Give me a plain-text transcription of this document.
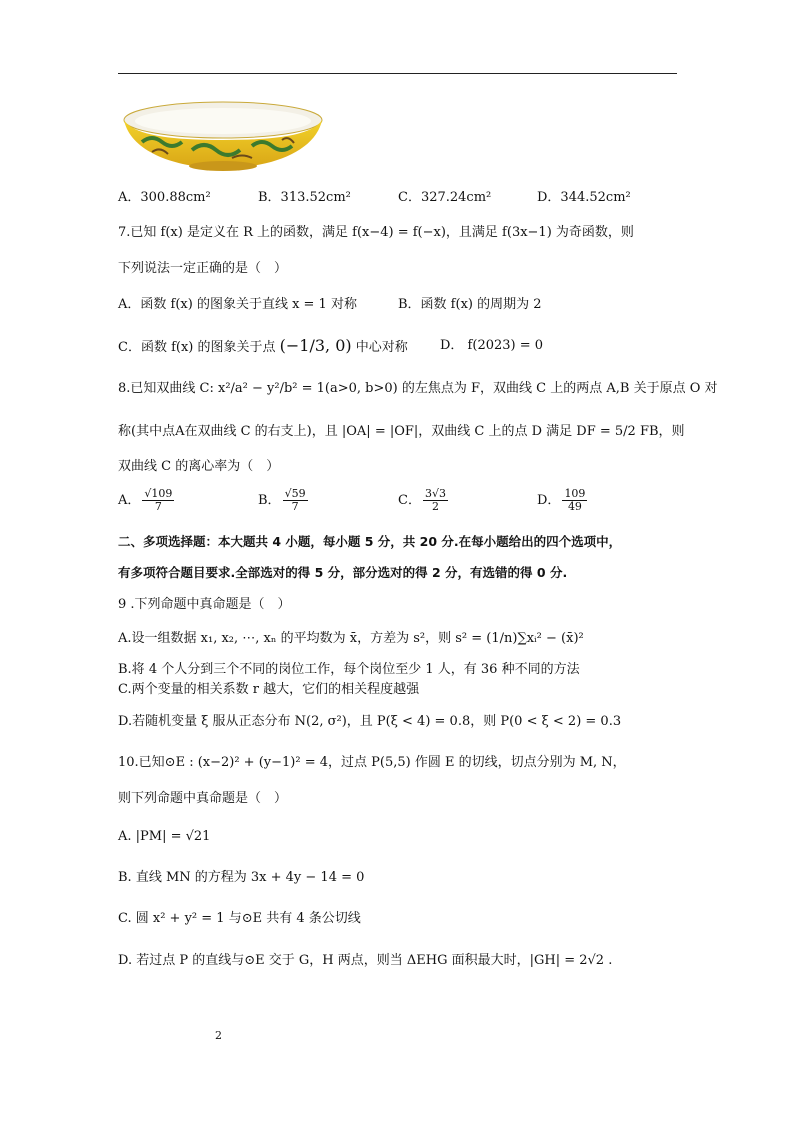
A．300.88cm²	B．313.52cm²	C．327.24cm²	D．344.52cm²
7.已知 f(x) 是定义在 R 上的函数，满足 f(x−4) = f(−x)，且满足 f(3x−1) 为奇函数，则
下列说法一定正确的是（　）
A．函数 f(x) 的图象关于直线 x = 1 对称	B．函数 f(x) 的周期为 2
C．函数 f(x) 的图象关于点 (−1/3, 0) 中心对称 D． f(2023) = 0
8.已知双曲线 C: x²/a² − y²/b² = 1(a>0, b>0) 的左焦点为 F，双曲线 C 上的两点 A,B 关于原点 O 对
称(其中点A在双曲线 C 的右支上)，且 |OA| = |OF|，双曲线 C 上的点 D 满足 DF = 5/2 FB，则
双曲线 C 的离心率为（　）
A． $\frac{√109}{7}$	B． $\frac{√59}{7}$	C． $\frac{3√3}{2}$	D． $\frac{109}{49}$
二、多项选择题：本大题共 4 小题，每小题 5 分，共 20 分.在每小题给出的四个选项中，
有多项符合题目要求.全部选对的得 5 分，部分选对的得 2 分，有选错的得 0 分.
9 .下列命题中真命题是（　）
A.设一组数据 x₁, x₂, ⋯, xₙ 的平均数为 x̄，方差为 s²，则 s² = (1/n)∑xᵢ² − (x̄)²
B.将 4 个人分到三个不同的岗位工作，每个岗位至少 1 人，有 36 种不同的方法
C.两个变量的相关系数 r 越大，它们的相关程度越强
D.若随机变量 ξ 服从正态分布 N(2, σ²)，且 P(ξ < 4) = 0.8，则 P(0 < ξ < 2) = 0.3
10.已知⊙E : (x−2)² + (y−1)² = 4，过点 P(5,5) 作圆 E 的切线，切点分别为 M, N，
则下列命题中真命题是（　）
A. |PM| = √21
B. 直线 MN 的方程为 3x + 4y − 14 = 0
C. 圆 x² + y² = 1 与⊙E 共有 4 条公切线
D. 若过点 P 的直线与⊙E 交于 G，H 两点，则当 ΔEHG 面积最大时，|GH| = 2√2 .
2
